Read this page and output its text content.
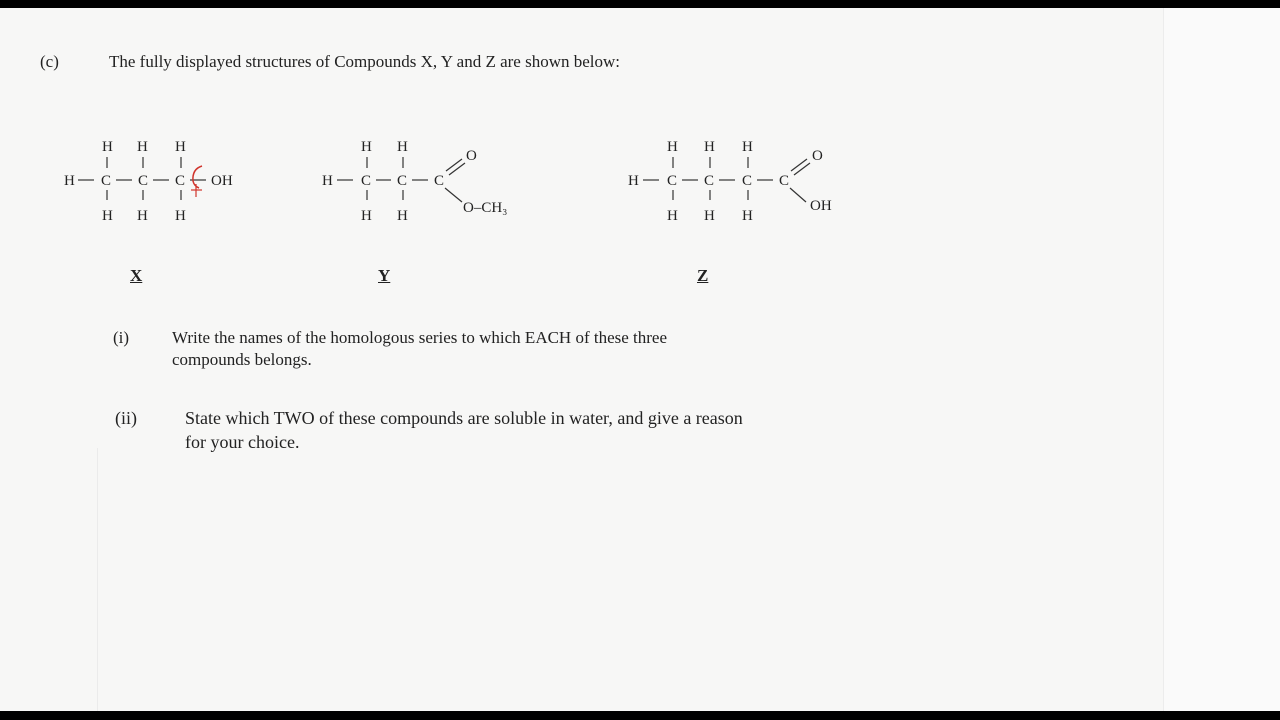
(c)	The fully displayed structures of Compounds X, Y and Z are shown below:
H H H
H C C C OH
H H H
X
H H
H C C C
O
O–CH₃
H H
Y
H H H
H C C C C
O
OH
H H H
Z
(i)	Write the names of the homologous series to which EACH of these three
compounds belongs.
(ii)	State which TWO of these compounds are soluble in water, and give a reason
for your choice.
